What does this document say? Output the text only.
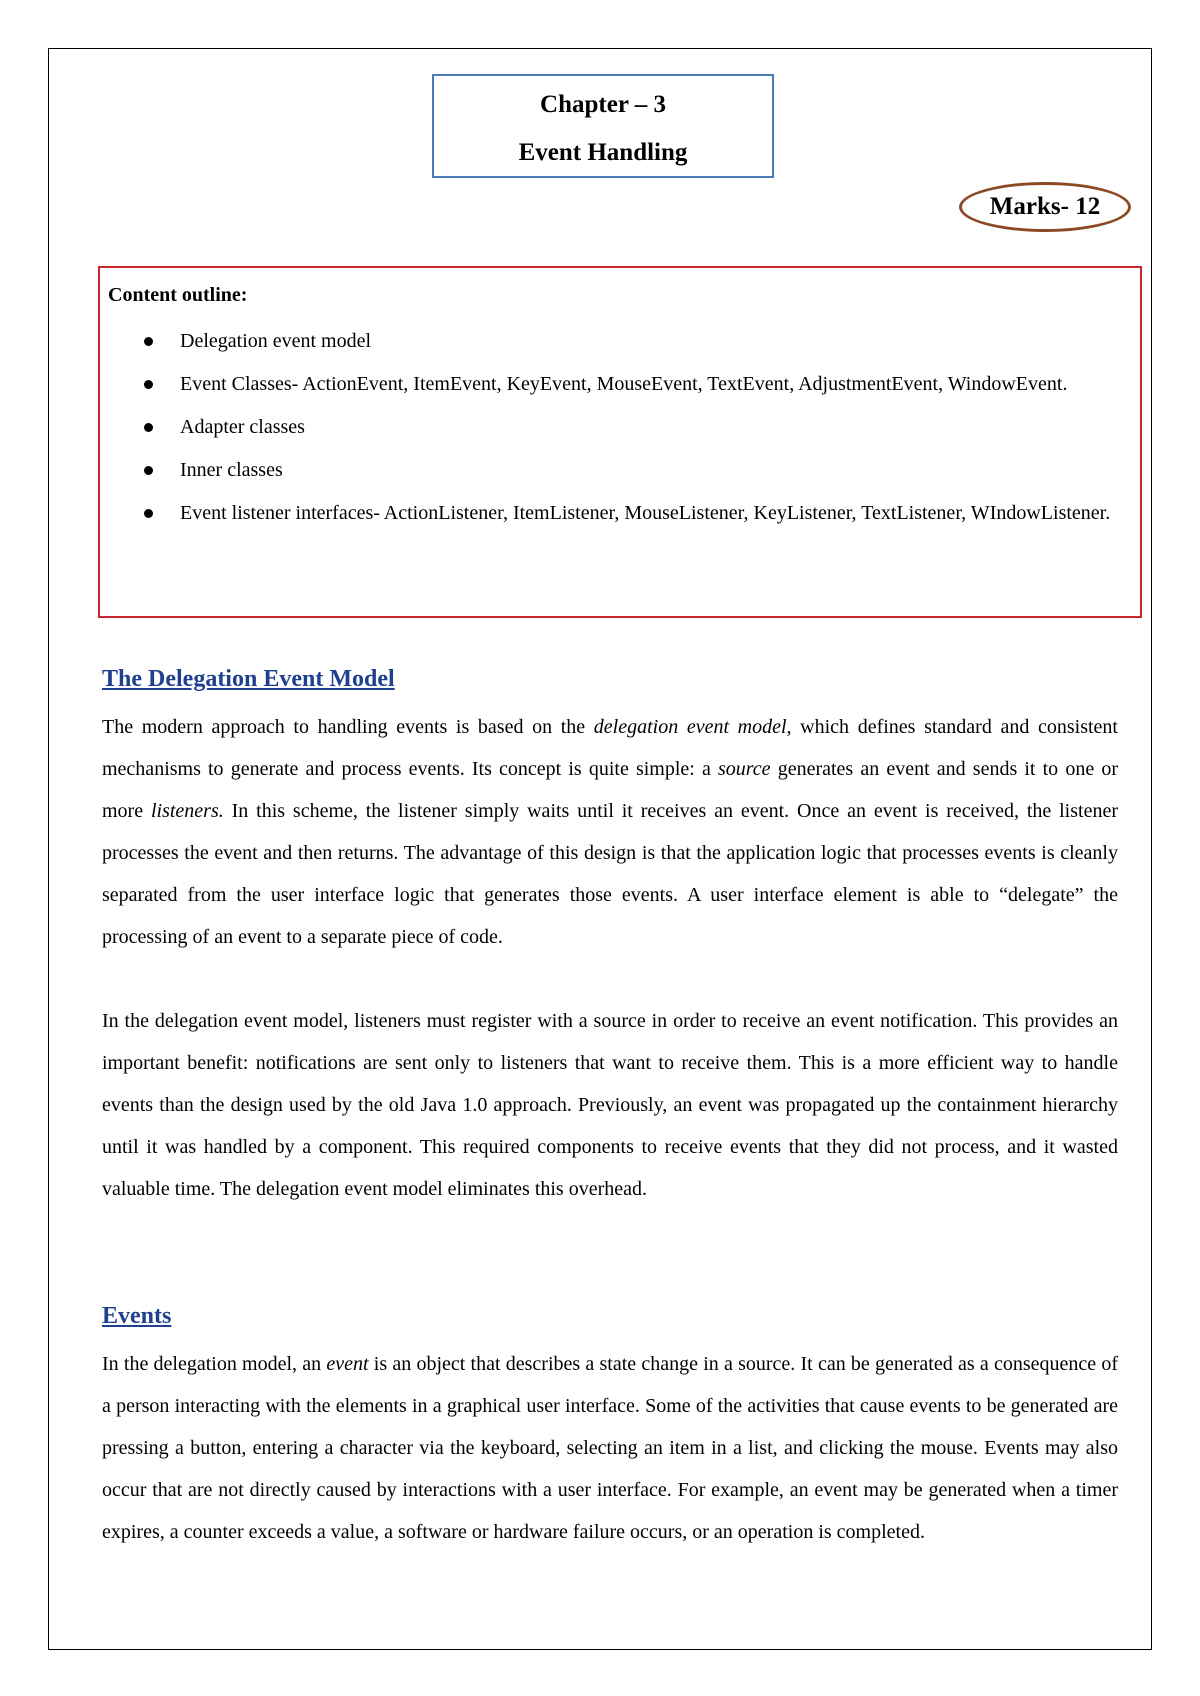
Chapter – 3
Event Handling
Marks- 12
Content outline:
Delegation event model
Event Classes- ActionEvent, ItemEvent, KeyEvent, MouseEvent, TextEvent, AdjustmentEvent, WindowEvent.
Adapter classes
Inner classes
Event listener interfaces- ActionListener, ItemListener, MouseListener, KeyListener, TextListener, WIndowListener.
The Delegation Event Model

The modern approach to handling events is based on the delegation event model, which defines standard and consistent mechanisms to generate and process events. Its concept is quite simple: a source generates an event and sends it to one or more listeners. In this scheme, the listener simply waits until it receives an event. Once an event is received, the listener processes the event and then returns. The advantage of this design is that the application logic that processes events is cleanly separated from the user interface logic that generates those events. A user interface element is able to “delegate” the processing of an event to a separate piece of code.

In the delegation event model, listeners must register with a source in order to receive an event notification. This provides an important benefit: notifications are sent only to listeners that want to receive them. This is a more efficient way to handle events than the design used by the old Java 1.0 approach. Previously, an event was propagated up the containment hierarchy until it was handled by a component. This required components to receive events that they did not process, and it wasted valuable time. The delegation event model eliminates this overhead.

Events

In the delegation model, an event is an object that describes a state change in a source. It can be generated as a consequence of a person interacting with the elements in a graphical user interface. Some of the activities that cause events to be generated are pressing a button, entering a character via the keyboard, selecting an item in a list, and clicking the mouse. Events may also occur that are not directly caused by interactions with a user interface. For example, an event may be generated when a timer expires, a counter exceeds a value, a software or hardware failure occurs, or an operation is completed.
